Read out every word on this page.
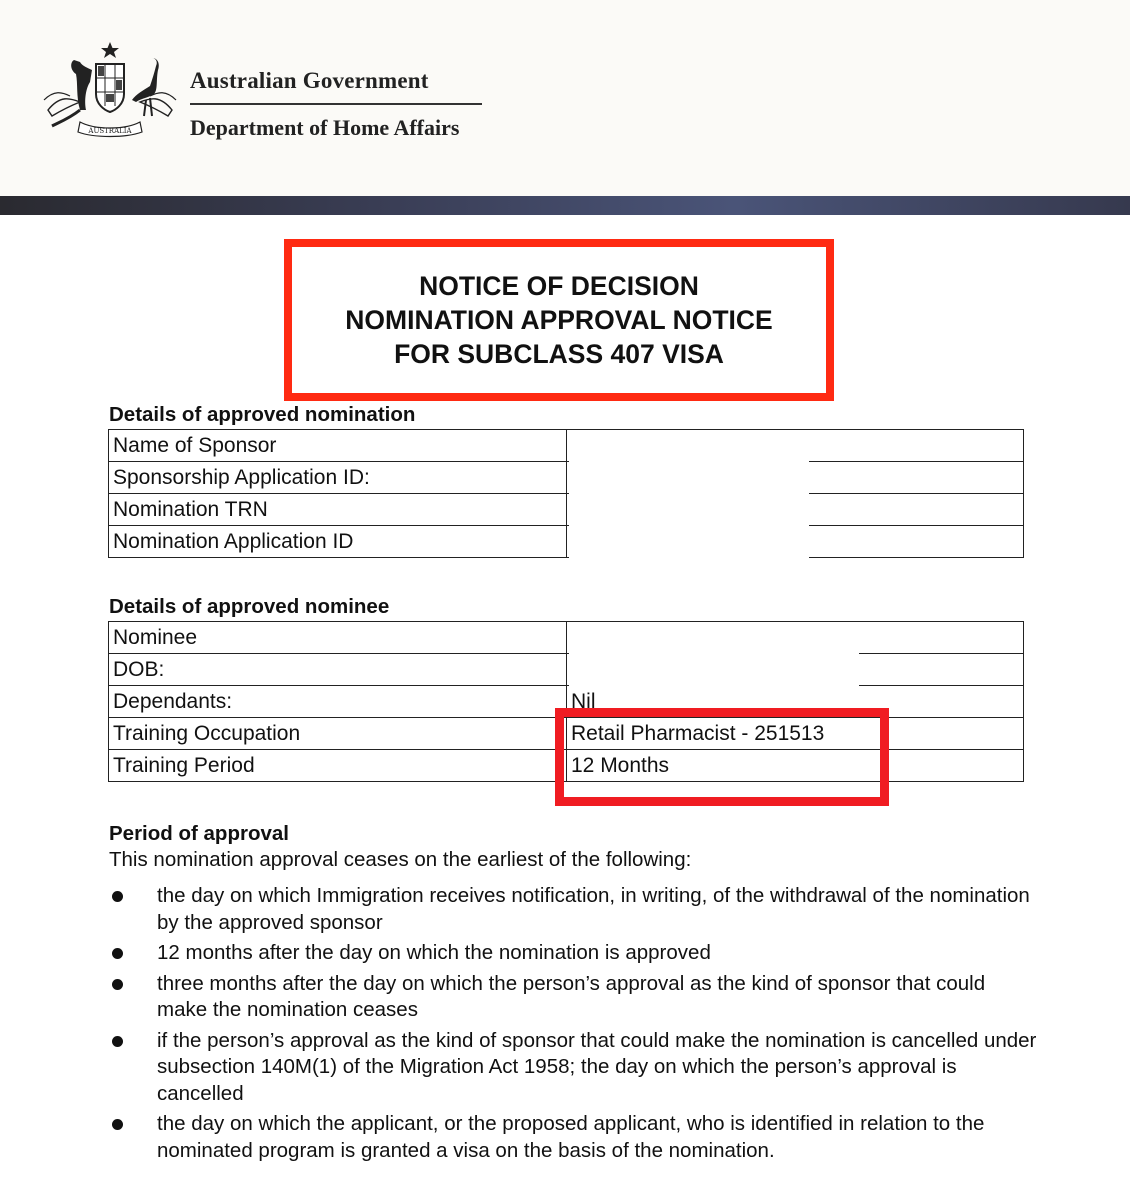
AUSTRALIA
Australian Government
Department of Home Affairs
NOTICE OF DECISION
NOMINATION APPROVAL NOTICE
FOR SUBCLASS 407 VISA
Details of approved nomination
Name of Sponsor	
Sponsorship Application ID:	
Nomination TRN	
Nomination Application ID	
Details of approved nominee
Nominee	
DOB:	
Dependants:	Nil
Training Occupation	Retail Pharmacist - 251513
Training Period	12 Months
Period of approval
This nomination approval ceases on the earliest of the following:
the day on which Immigration receives notification, in writing, of the withdrawal of the nomination by the approved sponsor
12 months after the day on which the nomination is approved
three months after the day on which the person’s approval as the kind of sponsor that could make the nomination ceases
if the person’s approval as the kind of sponsor that could make the nomination is cancelled under subsection 140M(1) of the Migration Act 1958; the day on which the person’s approval is cancelled
the day on which the applicant, or the proposed applicant, who is identified in relation to the nominated program is granted a visa on the basis of the nomination.
